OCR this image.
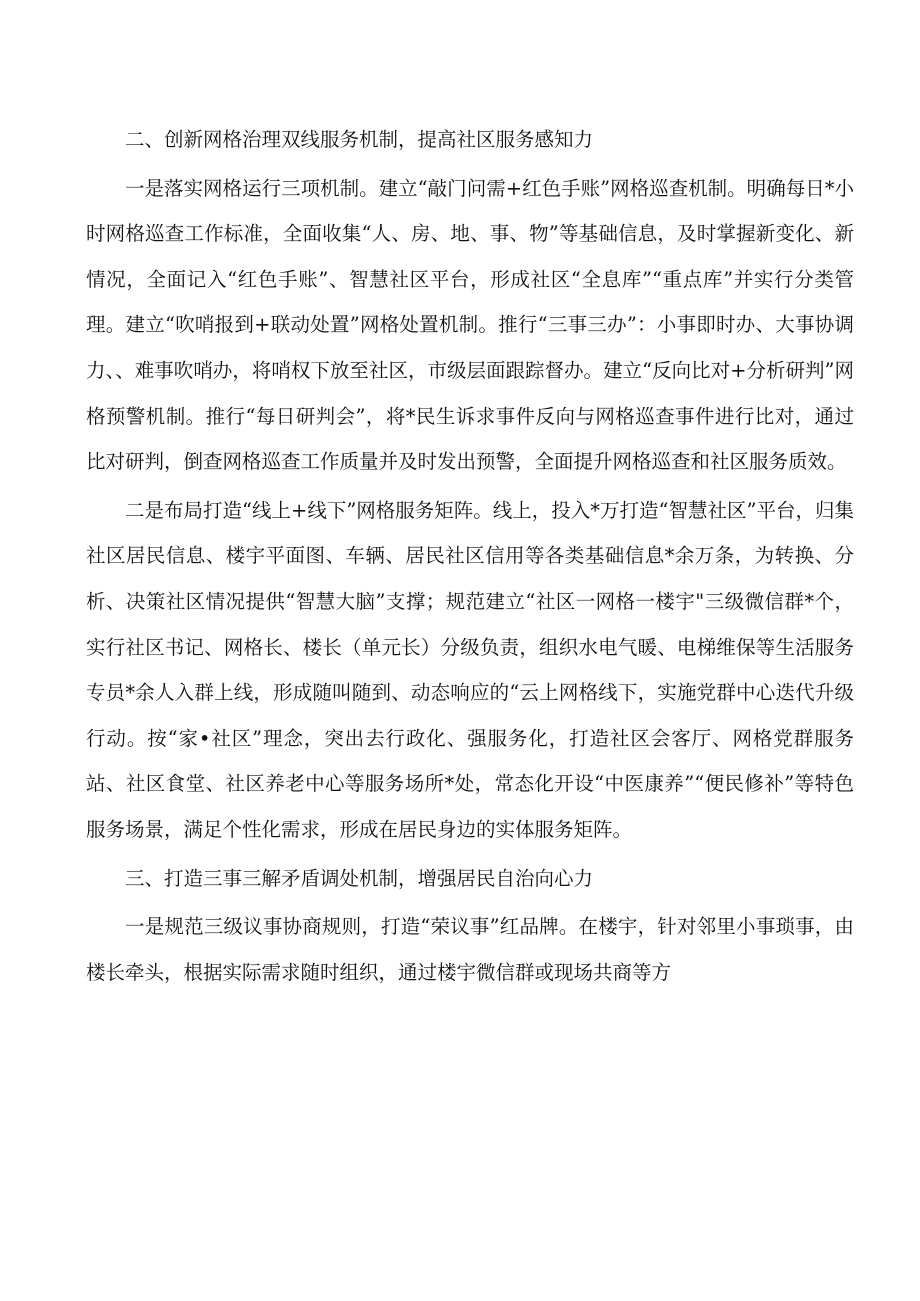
二、创新网格治理双线服务机制，提高社区服务感知力

一是落实网格运行三项机制。建立“敲门问需+红色手账”网格巡查机制。明确每日*小时网格巡查工作标准，全面收集“人、房、地、事、物”等基础信息，及时掌握新变化、新情况，全面记入“红色手账”、智慧社区平台，形成社区“全息库”“重点库”并实行分类管理。建立“吹哨报到+联动处置”网格处置机制。推行“三事三办”：小事即时办、大事协调力、、难事吹哨办，将哨权下放至社区，市级层面跟踪督办。建立“反向比对+分析研判”网格预警机制。推行“每日研判会”，将*民生诉求事件反向与网格巡查事件进行比对，通过比对研判，倒查网格巡查工作质量并及时发出预警，全面提升网格巡查和社区服务质效。

二是布局打造“线上+线下”网格服务矩阵。线上，投入*万打造“智慧社区”平台，归集社区居民信息、楼宇平面图、车辆、居民社区信用等各类基础信息*余万条，为转换、分析、决策社区情况提供“智慧大脑”支撑；规范建立“社区一网格一楼宇"三级微信群*个，实行社区书记、网格长、楼长（单元长）分级负责，组织水电气暖、电梯维保等生活服务专员*余人入群上线，形成随叫随到、动态响应的“云上网格线下，实施党群中心迭代升级行动。按“家•社区”理念，突出去行政化、强服务化，打造社区会客厅、网格党群服务站、社区食堂、社区养老中心等服务场所*处，常态化开设“中医康养”“便民修补”等特色服务场景，满足个性化需求，形成在居民身边的实体服务矩阵。

三、打造三事三解矛盾调处机制，增强居民自治向心力

一是规范三级议事协商规则，打造“荣议事”红品牌。在楼宇，针对邻里小事琐事，由楼长牵头，根据实际需求随时组织，通过楼宇微信群或现场共商等方
